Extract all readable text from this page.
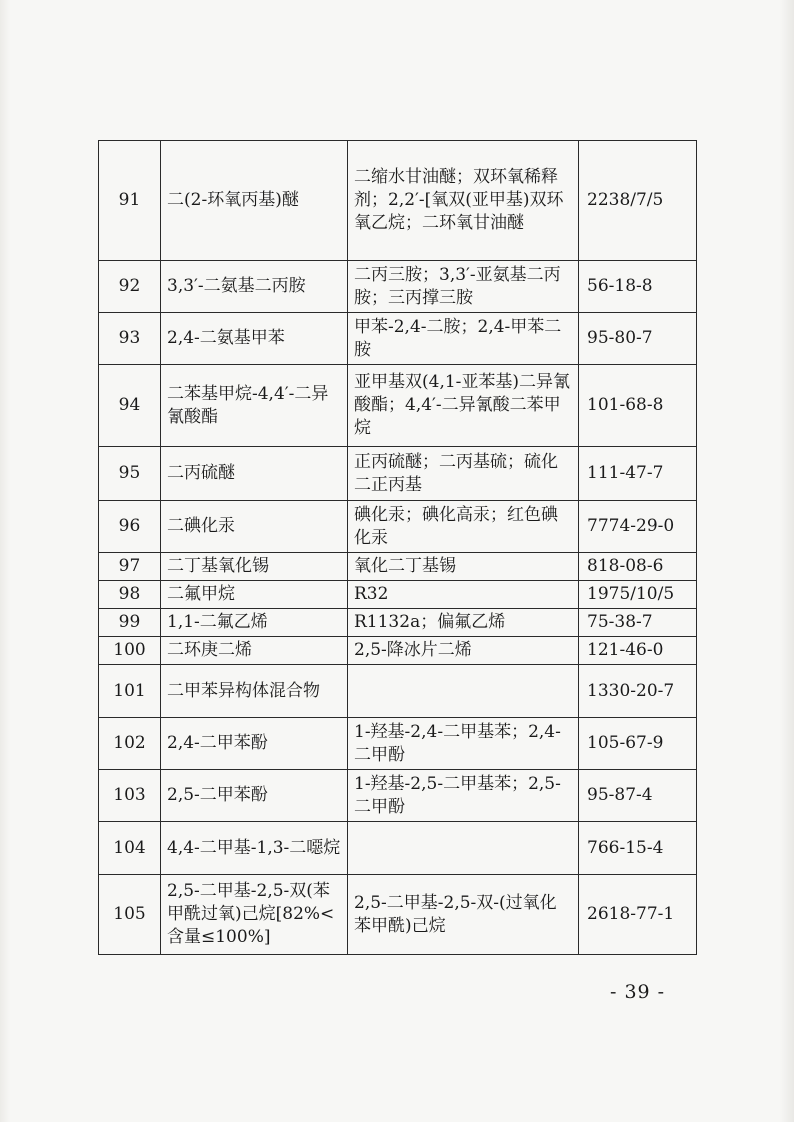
91	二(2-环氧丙基)醚	二缩水甘油醚；双环氧稀释剂；2,2′-[氧双(亚甲基)双环氧乙烷；二环氧甘油醚	2238/7/5
92	3,3′-二氨基二丙胺	二丙三胺；3,3′-亚氨基二丙胺；三丙撑三胺	56-18-8
93	2,4-二氨基甲苯	甲苯-2,4-二胺；2,4-甲苯二胺	95-80-7
94	二苯基甲烷-4,4′-二异氰酸酯	亚甲基双(4,1-亚苯基)二异氰酸酯；4,4′-二异氰酸二苯甲烷	101-68-8
95	二丙硫醚	正丙硫醚；二丙基硫；硫化二正丙基	111-47-7
96	二碘化汞	碘化汞；碘化高汞；红色碘化汞	7774-29-0
97	二丁基氧化锡	氧化二丁基锡	818-08-6
98	二氟甲烷	R32	1975/10/5
99	1,1-二氟乙烯	R1132a；偏氟乙烯	75-38-7
100	二环庚二烯	2,5-降冰片二烯	121-46-0
101	二甲苯异构体混合物		1330-20-7
102	2,4-二甲苯酚	1-羟基-2,4-二甲基苯；2,4-二甲酚	105-67-9
103	2,5-二甲苯酚	1-羟基-2,5-二甲基苯；2,5-二甲酚	95-87-4
104	4,4-二甲基-1,3-二噁烷		766-15-4
105	2,5-二甲基-2,5-双(苯甲酰过氧)己烷[82%<含量≤100%]	2,5-二甲基-2,5-双-(过氧化苯甲酰)己烷	2618-77-1
- 39 -
